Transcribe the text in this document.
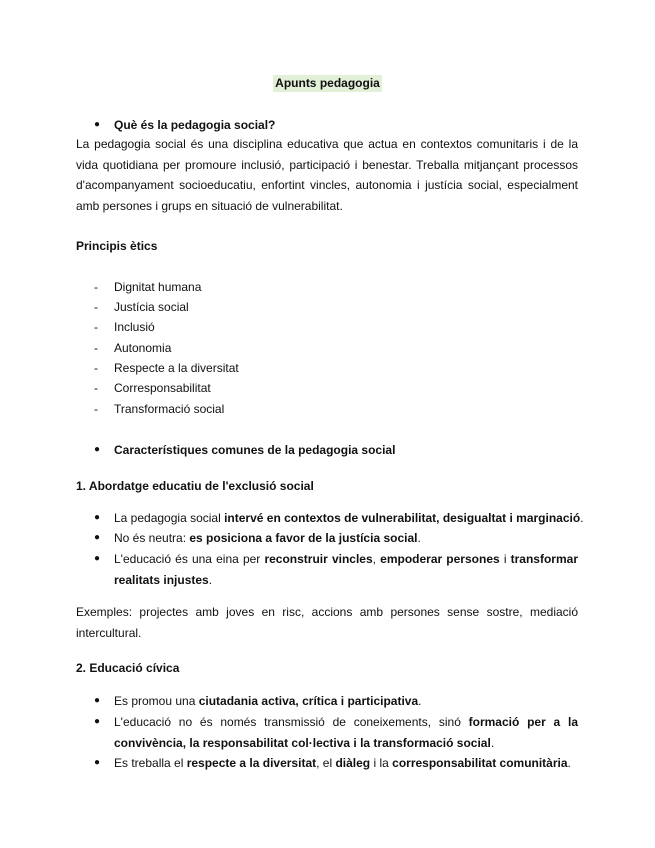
Apunts pedagogia
● Què és la pedagogia social?
La pedagogia social és una disciplina educativa que actua en contextos comunitaris i de la vida quotidiana per promoure inclusió, participació i benestar. Treballa mitjançant processos d'acompanyament socioeducatiu, enfortint vincles, autonomia i justícia social, especialment amb persones i grups en situació de vulnerabilitat.
Principis ètics
- Dignitat humana
- Justícia social
- Inclusió
- Autonomia
- Respecte a la diversitat
- Corresponsabilitat
- Transformació social
● Característiques comunes de la pedagogia social
1. Abordatge educatiu de l'exclusió social
● La pedagogia social intervé en contextos de vulnerabilitat, desigualtat i marginació.
● No és neutra: es posiciona a favor de la justícia social.
● L'educació és una eina per reconstruir vincles, empoderar persones i transformar realitats injustes.
Exemples: projectes amb joves en risc, accions amb persones sense sostre, mediació intercultural.
2. Educació cívica
● Es promou una ciutadania activa, crítica i participativa.
● L'educació no és només transmissió de coneixements, sinó formació per a la convivència, la responsabilitat col·lectiva i la transformació social.
● Es treballa el respecte a la diversitat, el diàleg i la corresponsabilitat comunitària.
